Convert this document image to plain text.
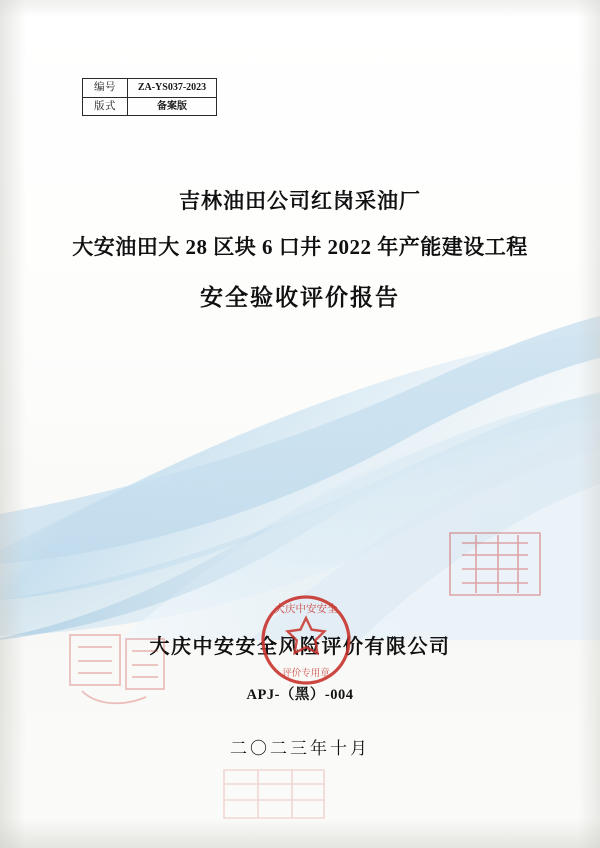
编号	ZA-YS037-2023
版式	备案版
吉林油田公司红岗采油厂
大安油田大 28 区块 6 口井 2022 年产能建设工程
安全验收评价报告
大庆中安安全风险评价有限公司
APJ-（黑）-004
二〇二三年十月
大庆中安安全
评价专用章
